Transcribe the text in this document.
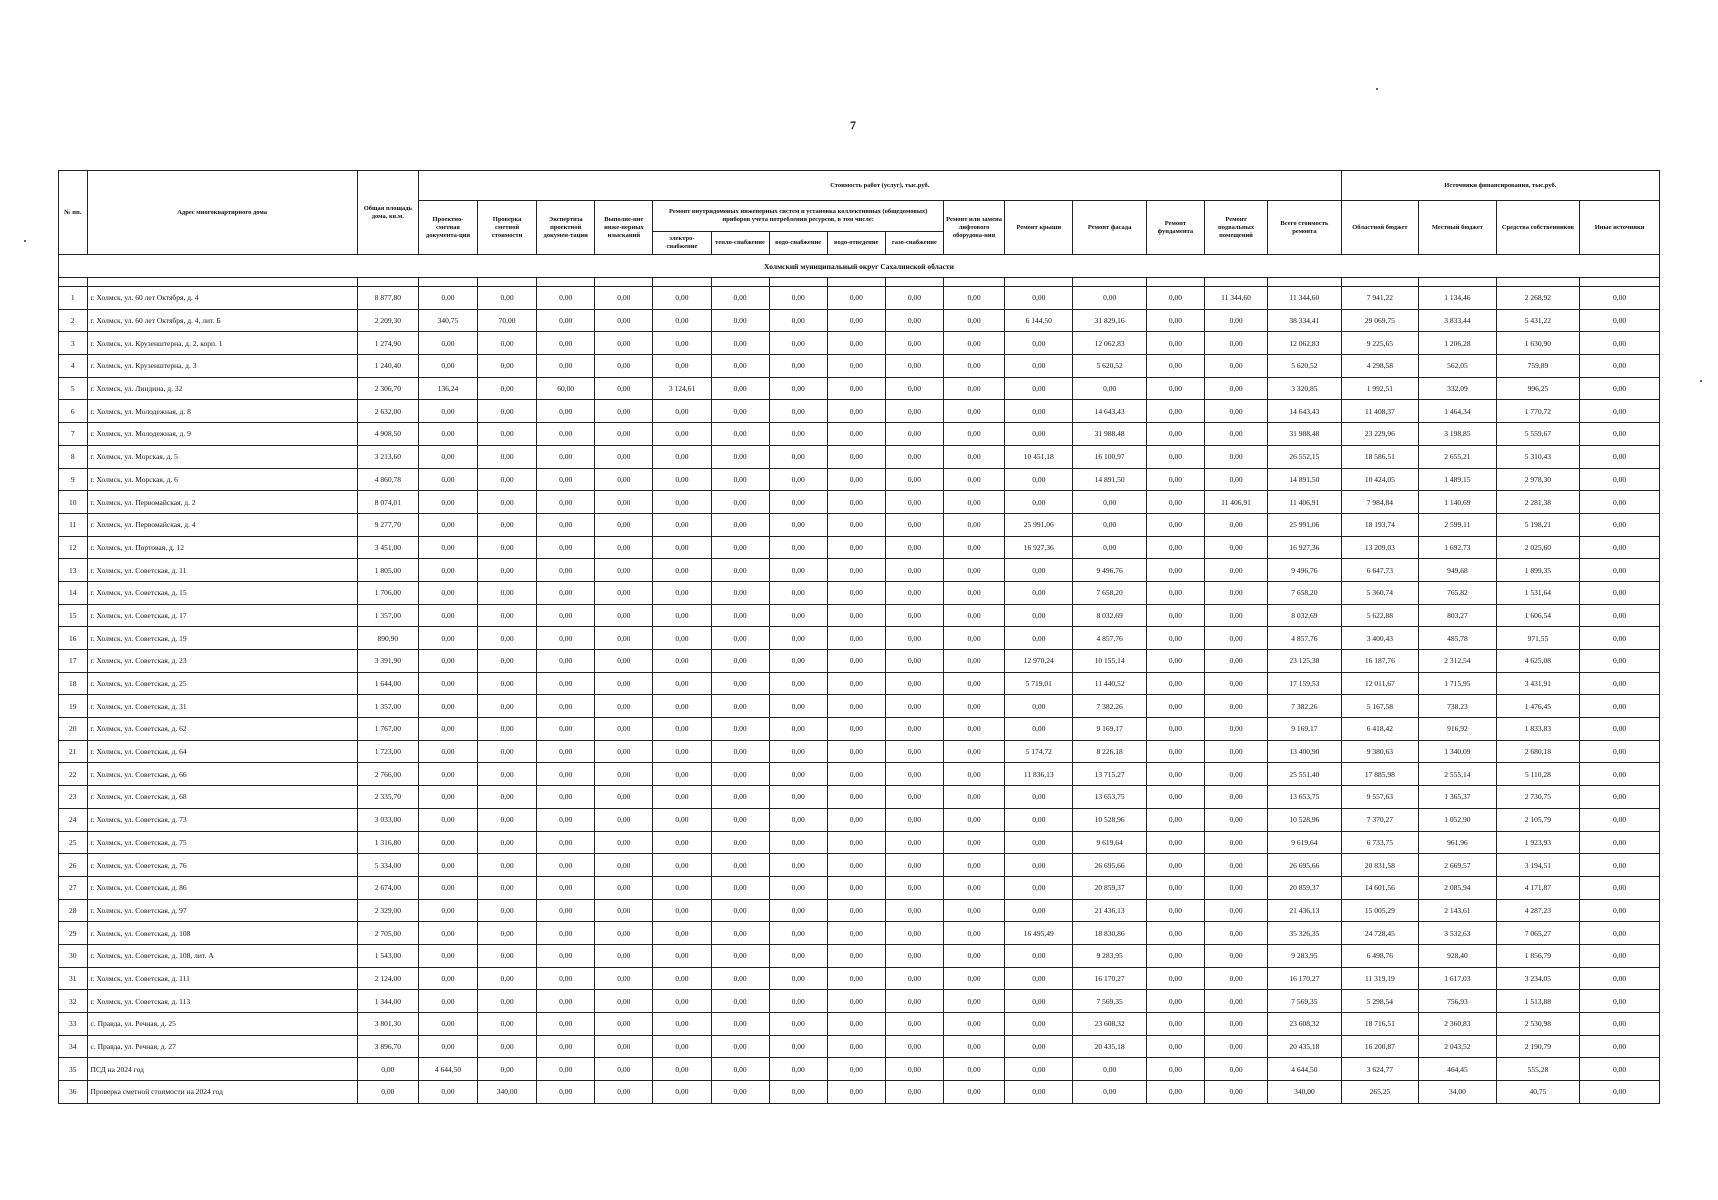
7
№ пп.	Адрес многоквартирного дома	Общая площадь дома, кв.м.	Стоимость работ (услуг), тыс.руб.															Источники финансирования, тыс.руб.			
			Проектно-сметная документа-ция	Проверка сметной стоимости	Экспертиза проектной докумен-тации	Выполне-ние инже-нерных изысканий	Ремонт внутридомовых инженерных систем и установка коллективных (общедомовых) приборов учета потребления ресурсов, в том числе:					Ремонт или замена лифтового оборудова-ния	Ремонт крыши	Ремонт фасада	Ремонт фундамента	Ремонт подвальных помещений	Всего стоимость ремонта	Областной бюджет	Местный бюджет	Средства собственников	Иные источники
							электро-снабжение	тепло-снабжение	водо-снабжение	водо-отведение	газо-снабжение										
Холмский муниципальный округ Сахалинской области																					

1	г. Холмск, ул. 60 лет Октября, д. 4	8 877,80	0,00	0,00	0,00	0,00	0,00	0,00	0,00	0,00	0,00	0,00	0,00	0,00	0,00	11 344,60	11 344,60	7 941,22	1 134,46	2 268,92	0,00
2	г. Холмск, ул. 60 лет Октября, д. 4, лит. Б	2 209,30	340,75	70,00	0,00	0,00	0,00	0,00	0,00	0,00	0,00	0,00	6 144,50	31 829,16	0,00	0,00	38 334,41	29 069,75	3 833,44	5 431,22	0,00
3	г. Холмск, ул. Крузенштерна, д. 2, корп. 1	1 274,90	0,00	0,00	0,00	0,00	0,00	0,00	0,00	0,00	0,00	0,00	0,00	12 062,83	0,00	0,00	12 062,83	9 225,65	1 206,28	1 630,90	0,00
4	г. Холмск, ул. Крузенштерна, д. 3	1 240,40	0,00	0,00	0,00	0,00	0,00	0,00	0,00	0,00	0,00	0,00	0,00	5 620,52	0,00	0,00	5 620,52	4 298,58	562,05	759,89	0,00
5	г. Холмск, ул. Линдина, д. 32	2 306,70	136,24	0,00	60,00	0,00	3 124,61	0,00	0,00	0,00	0,00	0,00	0,00	0,00	0,00	0,00	3 320,85	1 992,51	332,09	996,25	0,00
6	г. Холмск, ул. Молодежная, д. 8	2 632,00	0,00	0,00	0,00	0,00	0,00	0,00	0,00	0,00	0,00	0,00	0,00	14 643,43	0,00	0,00	14 643,43	11 408,37	1 464,34	1 770,72	0,00
7	г. Холмск, ул. Молодежная, д. 9	4 908,50	0,00	0,00	0,00	0,00	0,00	0,00	0,00	0,00	0,00	0,00	0,00	31 988,48	0,00	0,00	31 988,48	23 229,96	3 198,85	5 559,67	0,00
8	г. Холмск, ул. Морская, д. 5	3 213,60	0,00	0,00	0,00	0,00	0,00	0,00	0,00	0,00	0,00	0,00	10 451,18	16 100,97	0,00	0,00	26 552,15	18 586,51	2 655,21	5 310,43	0,00
9	г. Холмск, ул. Морская, д. 6	4 860,78	0,00	0,00	0,00	0,00	0,00	0,00	0,00	0,00	0,00	0,00	0,00	14 891,50	0,00	0,00	14 891,50	10 424,05	1 489,15	2 978,30	0,00
10	г. Холмск, ул. Первомайская, д. 2	8 074,01	0,00	0,00	0,00	0,00	0,00	0,00	0,00	0,00	0,00	0,00	0,00	0,00	0,00	11 406,91	11 406,91	7 984,84	1 140,69	2 281,38	0,00
11	г. Холмск, ул. Первомайская, д. 4	9 277,70	0,00	0,00	0,00	0,00	0,00	0,00	0,00	0,00	0,00	0,00	25 991,06	0,00	0,00	0,00	25 991,06	18 193,74	2 599,11	5 198,21	0,00
12	г. Холмск, ул. Портовая, д. 12	3 451,00	0,00	0,00	0,00	0,00	0,00	0,00	0,00	0,00	0,00	0,00	16 927,36	0,00	0,00	0,00	16 927,36	13 209,03	1 692,73	2 025,60	0,00
13	г. Холмск, ул. Советская, д. 11	1 805,00	0,00	0,00	0,00	0,00	0,00	0,00	0,00	0,00	0,00	0,00	0,00	9 496,76	0,00	0,00	9 496,76	6 647,73	949,68	1 899,35	0,00
14	г. Холмск, ул. Советская, д. 15	1 706,00	0,00	0,00	0,00	0,00	0,00	0,00	0,00	0,00	0,00	0,00	0,00	7 658,20	0,00	0,00	7 658,20	5 360,74	765,82	1 531,64	0,00
15	г. Холмск, ул. Советская, д. 17	1 357,00	0,00	0,00	0,00	0,00	0,00	0,00	0,00	0,00	0,00	0,00	0,00	8 032,69	0,00	0,00	8 032,69	5 622,88	803,27	1 606,54	0,00
16	г. Холмск, ул. Советская, д. 19	890,90	0,00	0,00	0,00	0,00	0,00	0,00	0,00	0,00	0,00	0,00	0,00	4 857,76	0,00	0,00	4 857,76	3 400,43	485,78	971,55	0,00
17	г. Холмск, ул. Советская, д. 23	3 391,90	0,00	0,00	0,00	0,00	0,00	0,00	0,00	0,00	0,00	0,00	12 970,24	10 155,14	0,00	0,00	23 125,38	16 187,76	2 312,54	4 625,08	0,00
18	г. Холмск, ул. Советская, д. 25	1 644,00	0,00	0,00	0,00	0,00	0,00	0,00	0,00	0,00	0,00	0,00	5 719,01	11 440,52	0,00	0,00	17 159,53	12 011,67	1 715,95	3 431,91	0,00
19	г. Холмск, ул. Советская, д. 31	1 357,00	0,00	0,00	0,00	0,00	0,00	0,00	0,00	0,00	0,00	0,00	0,00	7 382,26	0,00	0,00	7 382,26	5 167,58	738,23	1 476,45	0,00
20	г. Холмск, ул. Советская, д. 62	1 767,00	0,00	0,00	0,00	0,00	0,00	0,00	0,00	0,00	0,00	0,00	0,00	9 169,17	0,00	0,00	9 169,17	6 418,42	916,92	1 833,83	0,00
21	г. Холмск, ул. Советская, д. 64	1 723,00	0,00	0,00	0,00	0,00	0,00	0,00	0,00	0,00	0,00	0,00	5 174,72	8 226,18	0,00	0,00	13 400,90	9 380,63	1 340,09	2 680,18	0,00
22	г. Холмск, ул. Советская, д. 66	2 766,00	0,00	0,00	0,00	0,00	0,00	0,00	0,00	0,00	0,00	0,00	11 836,13	13 715,27	0,00	0,00	25 551,40	17 885,98	2 555,14	5 110,28	0,00
23	г. Холмск, ул. Советская, д. 68	2 335,70	0,00	0,00	0,00	0,00	0,00	0,00	0,00	0,00	0,00	0,00	0,00	13 653,75	0,00	0,00	13 653,75	9 557,63	1 365,37	2 730,75	0,00
24	г. Холмск, ул. Советская, д. 73	3 033,00	0,00	0,00	0,00	0,00	0,00	0,00	0,00	0,00	0,00	0,00	0,00	10 528,96	0,00	0,00	10 528,96	7 370,27	1 052,90	2 105,79	0,00
25	г. Холмск, ул. Советская, д. 75	1 316,80	0,00	0,00	0,00	0,00	0,00	0,00	0,00	0,00	0,00	0,00	0,00	9 619,64	0,00	0,00	9 619,64	6 733,75	961,96	1 923,93	0,00
26	г. Холмск, ул. Советская, д. 76	5 334,00	0,00	0,00	0,00	0,00	0,00	0,00	0,00	0,00	0,00	0,00	0,00	26 695,66	0,00	0,00	26 695,66	20 831,58	2 669,57	3 194,51	0,00
27	г. Холмск, ул. Советская, д. 86	2 674,00	0,00	0,00	0,00	0,00	0,00	0,00	0,00	0,00	0,00	0,00	0,00	20 859,37	0,00	0,00	20 859,37	14 601,56	2 085,94	4 171,87	0,00
28	г. Холмск, ул. Советская, д. 97	2 329,00	0,00	0,00	0,00	0,00	0,00	0,00	0,00	0,00	0,00	0,00	0,00	21 436,13	0,00	0,00	21 436,13	15 005,29	2 143,61	4 287,23	0,00
29	г. Холмск, ул. Советская, д. 108	2 705,00	0,00	0,00	0,00	0,00	0,00	0,00	0,00	0,00	0,00	0,00	16 495,49	18 830,86	0,00	0,00	35 326,35	24 728,45	3 532,63	7 065,27	0,00
30	г. Холмск, ул. Советская, д. 108, лит. А	1 543,00	0,00	0,00	0,00	0,00	0,00	0,00	0,00	0,00	0,00	0,00	0,00	9 283,95	0,00	0,00	9 283,95	6 498,76	928,40	1 856,79	0,00
31	г. Холмск, ул. Советская, д. 111	2 124,00	0,00	0,00	0,00	0,00	0,00	0,00	0,00	0,00	0,00	0,00	0,00	16 170,27	0,00	0,00	16 170,27	11 319,19	1 617,03	3 234,05	0,00
32	г. Холмск, ул. Советская, д. 113	1 344,00	0,00	0,00	0,00	0,00	0,00	0,00	0,00	0,00	0,00	0,00	0,00	7 569,35	0,00	0,00	7 569,35	5 298,54	756,93	1 513,88	0,00
33	с. Правда, ул. Речная, д. 25	3 801,30	0,00	0,00	0,00	0,00	0,00	0,00	0,00	0,00	0,00	0,00	0,00	23 608,32	0,00	0,00	23 608,32	18 716,51	2 360,83	2 530,98	0,00
34	с. Правда, ул. Речная, д. 27	3 896,70	0,00	0,00	0,00	0,00	0,00	0,00	0,00	0,00	0,00	0,00	0,00	20 435,18	0,00	0,00	20 435,18	16 200,87	2 043,52	2 190,79	0,00
35	ПСД на 2024 год	0,00	4 644,50	0,00	0,00	0,00	0,00	0,00	0,00	0,00	0,00	0,00	0,00	0,00	0,00	0,00	4 644,50	3 624,77	464,45	555,28	0,00
36	Проверка сметной стоимости на 2024 год	0,00	0,00	340,00	0,00	0,00	0,00	0,00	0,00	0,00	0,00	0,00	0,00	0,00	0,00	0,00	340,00	265,25	34,00	40,75	0,00
